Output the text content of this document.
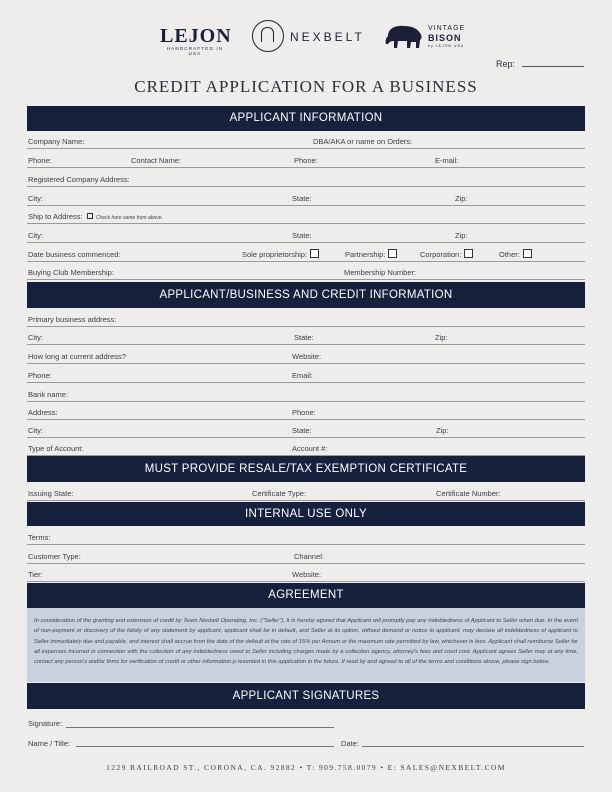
LEJON
HANDCRAFTED IN USA
NEXBELT
VINTAGE
BISON
by LEJON USA
Rep:
CREDIT APPLICATION FOR A BUSINESS
APPLICANT INFORMATION
Company Name:	DBA/AKA or name on Orders:
Phone:	Contact Name:	Phone:	E-mail:
Registered Company Address:
City:	State:	Zip:
Ship to Address:	Check here same from above.
City:	State:	Zip:
Date business commenced:	Sole proprietorship:	Partnership:	Corporation:	Other:
Buying Club Membership:	Membership Number:
APPLICANT/BUSINESS AND CREDIT INFORMATION
Primary business address:
City:	State:	Zip:
How long at current address?	Website:
Phone:	Email:
Bank name:
Address:	Phone:
City:	State:	Zip:
Type of Account:	Account #:
MUST PROVIDE RESALE/TAX EXEMPTION CERTIFICATE
Issuing State:	Certificate Type:	Certificate Number:
INTERNAL USE ONLY
Terms:
Customer Type:	Channel:
Tier:	Website:
AGREEMENT
In consideration of the granting and extension of credit by Team Nexbelt Operating, Inc. ("Seller"), It is hereby agreed that Applicant will promptly pay any indebtedness of Applicant to Seller when due. In the event of non-payment or discovery of the falsity of any statement by applicant, applicant shall be in default, and Seller at its option, without demand or notice to applicant, may declare all indebtedness of applicant to Seller immediately due and payable, and interest shall accrue from the date of the default at the rate of 15% per Annum or the maximum rate permitted by law, whichever is less. Applicant shall reimburse Seller for all expenses incurred in connection with the collection of any indebtedness owed to Seller including charges made by a collection agency, attorney's fees and court cost. Applicant agrees Seller may at any time, contact any person's and/or firms for verification of credit or other information p resented in this application in the future. If read by and agreed to all of the terms and conditions above, please sign below.
APPLICANT SIGNATURES
Signature:
Name / Title:	Date:
1229 RAILROAD ST., CORONA, CA. 92882 • T: 909.758.0079 • E: SALES@NEXBELT.COM
